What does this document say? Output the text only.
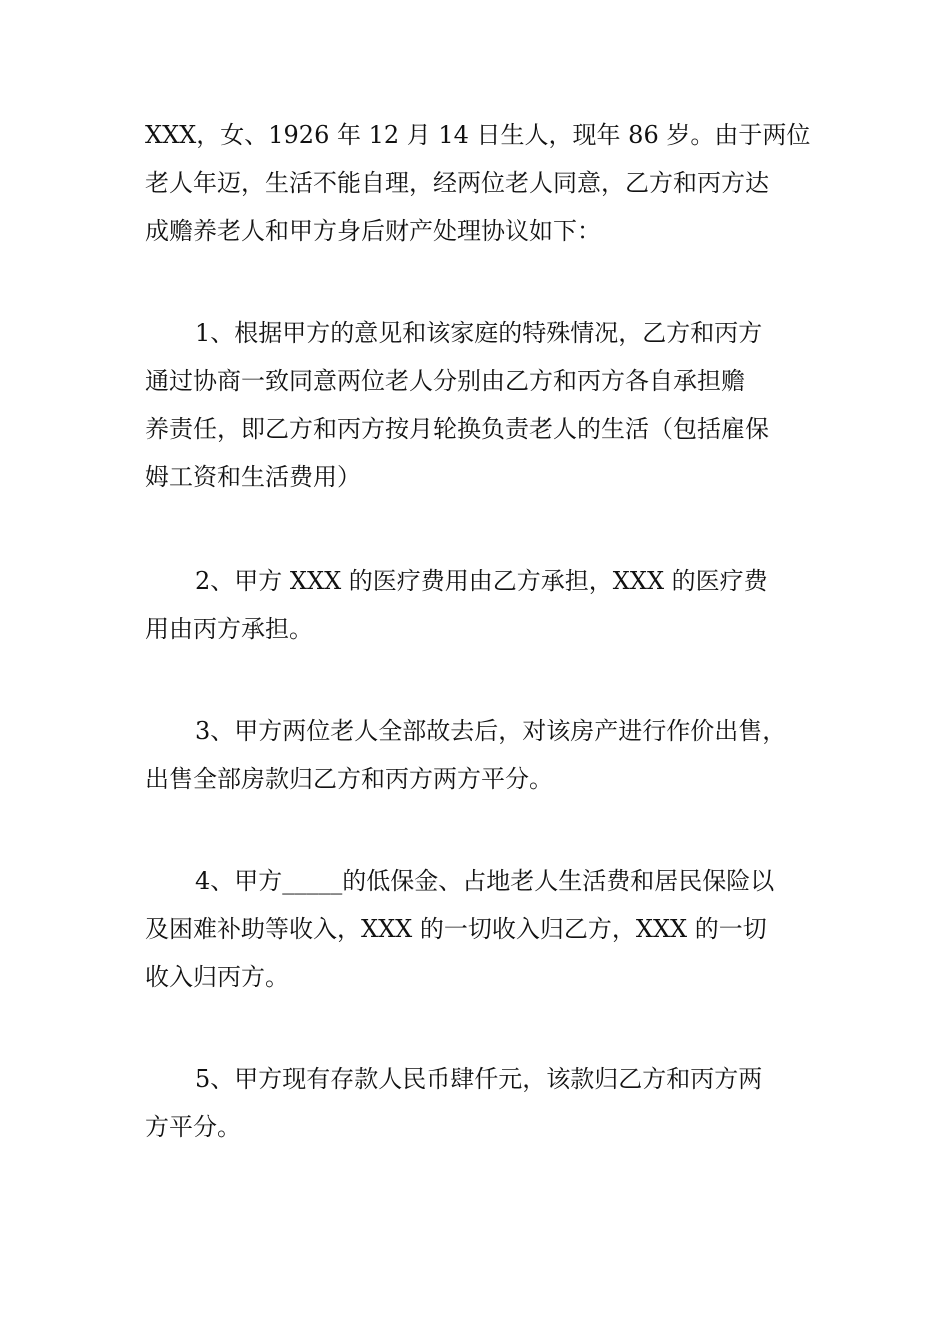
XXX，女、1926 年 12 月 14 日生人，现年 86 岁。由于两位
老人年迈，生活不能自理，经两位老人同意，乙方和丙方达
成赡养老人和甲方身后财产处理协议如下：
1、根据甲方的意见和该家庭的特殊情况，乙方和丙方
通过协商一致同意两位老人分别由乙方和丙方各自承担赡
养责任，即乙方和丙方按月轮换负责老人的生活（包括雇保
姆工资和生活费用）
2、甲方 XXX 的医疗费用由乙方承担，XXX 的医疗费
用由丙方承担。
3、甲方两位老人全部故去后，对该房产进行作价出售，
出售全部房款归乙方和丙方两方平分。
4、甲方_____的低保金、占地老人生活费和居民保险以
及困难补助等收入，XXX 的一切收入归乙方，XXX 的一切
收入归丙方。
5、甲方现有存款人民币肆仟元，该款归乙方和丙方两
方平分。
